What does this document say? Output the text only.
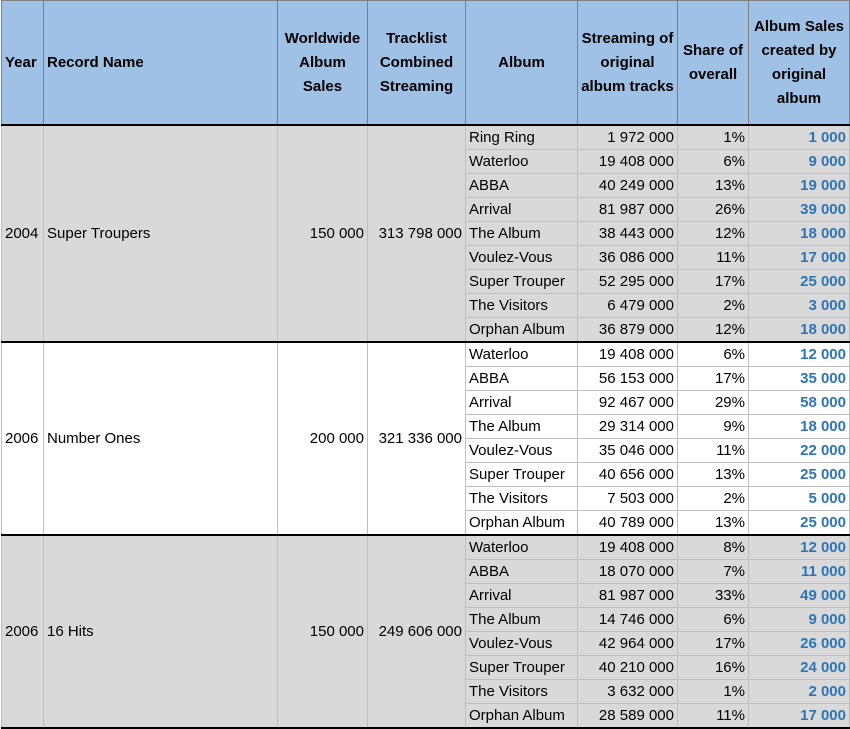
Year	Record Name	Worldwide Album Sales	Tracklist Combined Streaming	Album	Streaming of original album tracks	Share of overall	Album Sales created by original album
2004	Super Troupers	150 000	313 798 000	Ring Ring	1 972 000	1%	1 000
				Waterloo	19 408 000	6%	9 000
				ABBA	40 249 000	13%	19 000
				Arrival	81 987 000	26%	39 000
				The Album	38 443 000	12%	18 000
				Voulez-Vous	36 086 000	11%	17 000
				Super Trouper	52 295 000	17%	25 000
				The Visitors	6 479 000	2%	3 000
				Orphan Album	36 879 000	12%	18 000
2006	Number Ones	200 000	321 336 000	Waterloo	19 408 000	6%	12 000
				ABBA	56 153 000	17%	35 000
				Arrival	92 467 000	29%	58 000
				The Album	29 314 000	9%	18 000
				Voulez-Vous	35 046 000	11%	22 000
				Super Trouper	40 656 000	13%	25 000
				The Visitors	7 503 000	2%	5 000
				Orphan Album	40 789 000	13%	25 000
2006	16 Hits	150 000	249 606 000	Waterloo	19 408 000	8%	12 000
				ABBA	18 070 000	7%	11 000
				Arrival	81 987 000	33%	49 000
				The Album	14 746 000	6%	9 000
				Voulez-Vous	42 964 000	17%	26 000
				Super Trouper	40 210 000	16%	24 000
				The Visitors	3 632 000	1%	2 000
				Orphan Album	28 589 000	11%	17 000
